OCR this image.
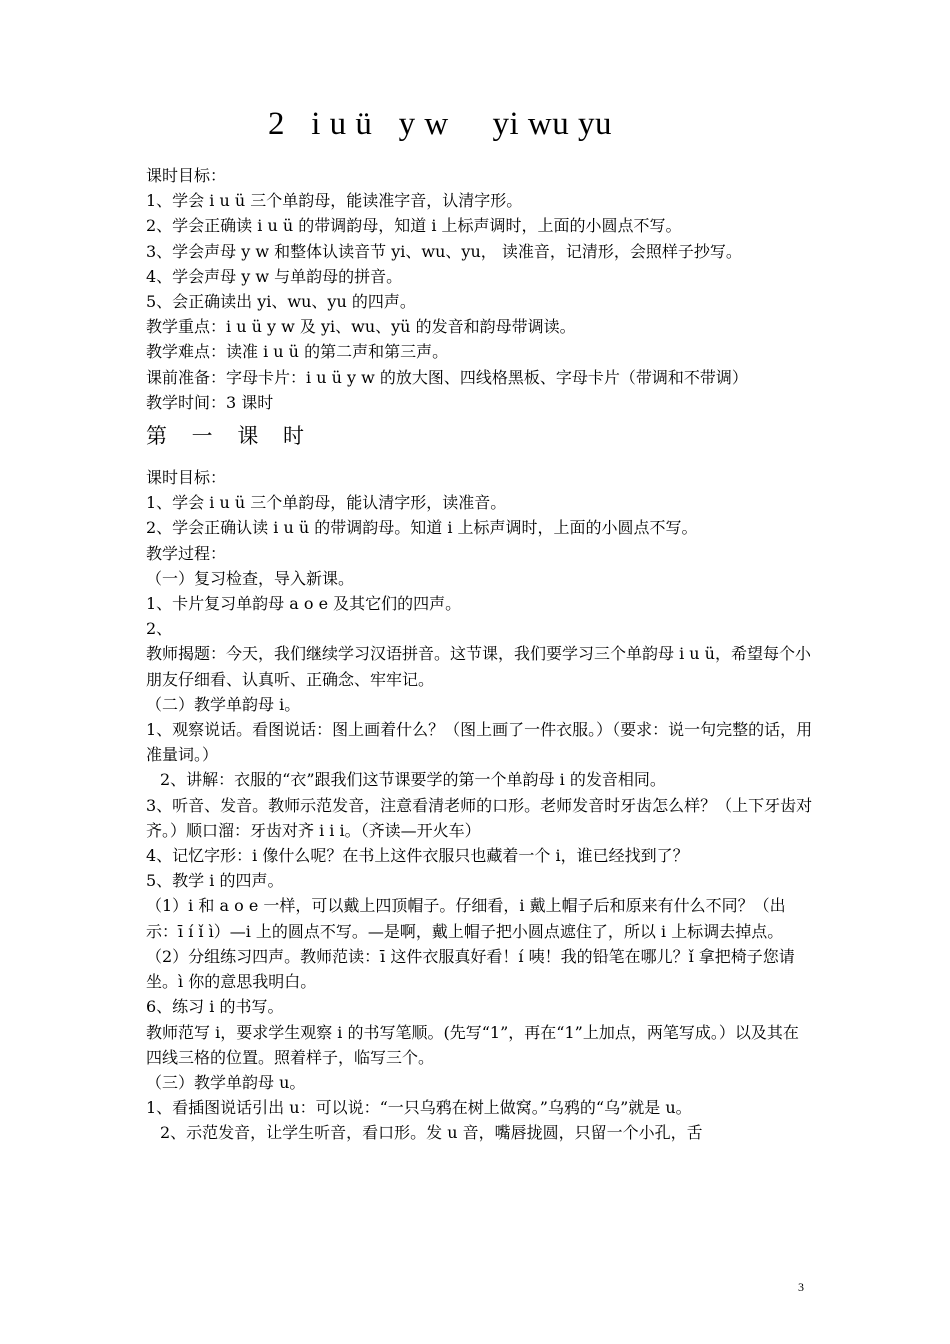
2   i u ü   y w     yi wu yu
课时目标：
1、学会 i u ü 三个单韵母，能读准字音，认清字形。
2、学会正确读 i u ü 的带调韵母，知道 i 上标声调时，上面的小圆点不写。
3、学会声母 y w 和整体认读音节 yi、wu、yu， 读准音，记清形，会照样子抄写。
4、学会声母 y w 与单韵母的拼音。
5、会正确读出 yi、wu、yu 的四声。
教学重点：i u ü y w 及 yi、wu、yü 的发音和韵母带调读。
教学难点：读准 i u ü 的第二声和第三声。
课前准备：字母卡片：i u ü y w 的放大图、四线格黑板、字母卡片（带调和不带调）
教学时间：3 课时
第 一 课 时
课时目标：
1、学会 i u ü 三个单韵母，能认清字形，读准音。
2、学会正确认读 i u ü 的带调韵母。知道 i 上标声调时，上面的小圆点不写。
教学过程：
（一）复习检查，导入新课。
1、卡片复习单韵母 a o e 及其它们的四声。
2、
教师揭题：今天，我们继续学习汉语拼音。这节课，我们要学习三个单韵母 i u ü，希望每个小朋友仔细看、认真听、正确念、牢牢记。
（二）教学单韵母 i。
1、观察说话。看图说话：图上画着什么？（图上画了一件衣服。）（要求：说一句完整的话，用准量词。）
2、讲解：衣服的“衣”跟我们这节课要学的第一个单韵母 i 的发音相同。
3、听音、发音。教师示范发音，注意看清老师的口形。老师发音时牙齿怎么样？（上下牙齿对齐。）顺口溜：牙齿对齐 i i i。（齐读—开火车）
4、记忆字形：i 像什么呢？在书上这件衣服只也藏着一个 i，谁已经找到了？
5、教学 i 的四声。
（1）i 和 a o e 一样，可以戴上四顶帽子。仔细看，i 戴上帽子后和原来有什么不同？（出示：ī í ǐ ì）—i 上的圆点不写。—是啊，戴上帽子把小圆点遮住了，所以 i 上标调去掉点。
（2）分组练习四声。教师范读：ī 这件衣服真好看！í 咦！我的铅笔在哪儿？ǐ 拿把椅子您请坐。ì 你的意思我明白。
6、练习 i 的书写。
教师范写 i，要求学生观察 i 的书写笔顺。(先写“1”，再在“1”上加点，两笔写成。）以及其在四线三格的位置。照着样子，临写三个。
（三）教学单韵母 u。
1、看插图说话引出 u：可以说：“一只乌鸦在树上做窝。”乌鸦的“乌”就是 u。
2、示范发音，让学生听音，看口形。发 u 音，嘴唇拢圆，只留一个小孔，舌
3
